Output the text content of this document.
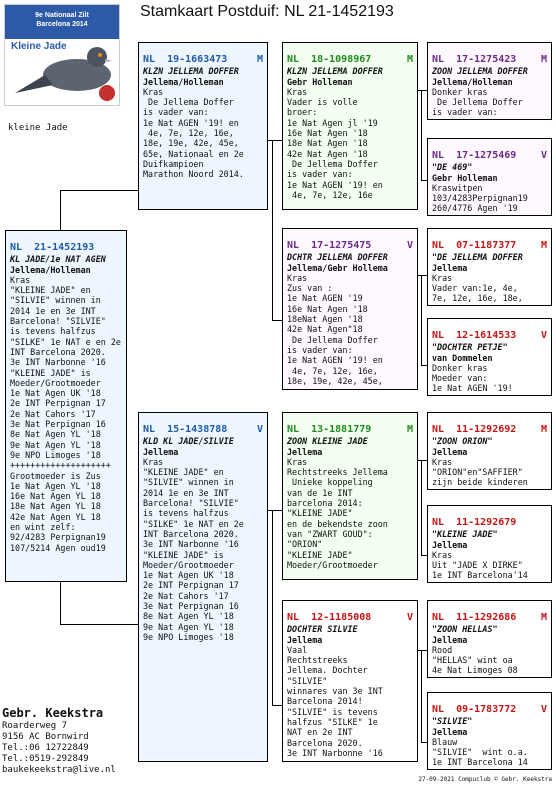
Stamkaart Postduif: NL 21-1452193
9e Nationaal Zilt
Barcelona 2014
Kleine Jade
kleine Jade

NL  21-1452193
KL JADE/1e NAT AGEN
Jellema/Holleman
Kras
"KLEINE JADE" en
"SILVIE" winnen in
2014 1e en 3e INT
Barcelona! "SILVIE"
is tevens halfzus
"SILKE" 1e NAT e en 2e
INT Barcelona 2020.
3e INT Narbonne '16
"KLEINE JADE" is
Moeder/Grootmoeder
1e Nat Agen UK '18
2e INT Perpignan 17
2e Nat Cahors '17
3e Nat Perpignan 16
8e Nat Agen YL '18
9e Nat Agen YL '18
9e NPO Limoges '18
++++++++++++++++++++
Grootmoeder is Zus
1e Nat Agen YL '18
16e Nat Agen YL 18
18e Nat Agen YL 18
42e Nat Agen YL 18
en wint zelf:
92/4283 Perpignan19
107/5214 Agen oud19

NL  19-1663473	M
KLZN JELLEMA DOFFER
Jellema/Holleman
Kras
De Jellema Doffer
is vader van:
1e Nat AGEN '19! en
4e, 7e, 12e, 16e,
18e, 19e, 42e, 45e,
65e, Nationaal en 2e
Duifkampioen
Marathon Noord 2014.

NL  15-1438788	V
KLD KL JADE/SILVIE
Jellema
Kras
"KLEINE JADE" en
"SILVIE" winnen in
2014 1e en 3e INT
Barcelona! "SILVIE"
is tevens halfzus
"SILKE" 1e NAT en 2e
INT Barcelona 2020.
3e INT Narbonne '16
"KLEINE JADE" is
Moeder/Grootmoeder
1e Nat Agen UK '18
2e INT Perpignan 17
2e Nat Cahors '17
3e Nat Perpignan 16
8e Nat Agen YL '18
9e Nat Agen YL '18
9e NPO Limoges '18

NL  18-1098967	M
KLZN JELLEMA DOFFER
Gebr Holleman
Kras
Vader is volle
broer:
1e Nat Agen jl '19
16e Nat Agen '18
18e Nat Agen '18
42e Nat Agen '18
De Jellema Doffer
is vader van:
1e Nat AGEN '19! en
4e, 7e, 12e, 16e

NL  17-1275475	V
DCHTR JELLEMA DOFFER
Jellema/Gebr Hollema
Kras
Zus van :
1e Nat AGEN '19
16e Nat Agen '18
18eNat Agen '18
42e Nat Agen"18
De Jellema Doffer
is vader van:
1e Nat AGEN '19! en
4e, 7e, 12e, 16e,
18e, 19e, 42e, 45e,

NL  13-1881779	M
ZOON KLEINE JADE
Jellema
Kras
Rechtstreeks Jellema
Unieke koppeling
van de 1e INT
barcelona 2014:
"KLEINE JADE"
en de bekendste zoon
van "ZWART GOUD":
"ORION"
"KLEINE JADE"
Moeder/Grootmoeder

NL  12-1185008	V
DOCHTER SILVIE
Jellema
Vaal
Rechtstreeks
Jellema. Dochter
"SILVIE"
winnares van 3e INT
Barcelona 2014!
"SILVIE" is tevens
halfzus "SILKE" 1e
NAT en 2e INT
Barcelona 2020.
3e INT Narbonne '16

NL  17-1275423 M
ZOON JELLEMA DOFFER
Jellema/Holleman
Donker kras
De Jellema Doffer
is vader van:

NL  17-1275469 V
"DE 469"
Gebr Holleman
Kraswitpen
103/4283Perpignan19
260/4776 Agen '19

NL  07-1187377 M
"DE JELLEMA DOFFER
Jellema
Kras
Vader van:1e, 4e,
7e, 12e, 16e, 18e,

NL  12-1614533 V
"DOCHTER PETJE"
van Dommelen
Donker kras
Moeder van:
1e Nat AGEN '19!

NL  11-1292692 M
"ZOON ORION"
Jellema
Kras
"ORION"en"SAFFIER"
zijn beide kinderen

NL  11-1292679
"KLEINE JADE"
Jellema
Kras
Uit "JADE X DIRKE"
1e INT Barcelona'14

NL  11-1292686 M
"ZOON HELLAS"
Jellema
Rood
"HELLAS" wint oa
4e Nat Limoges 08

NL  09-1783772 V
"SILVIE"
Jellema
Blauw
"SILVIE"  wint o.a.
1e INT Barcelona 14

Gebr. Keekstra
Roarderweg 7
9156 AC Bornwird
Tel.:06 12722849
Tel.:0519-292849
baukekeekstra@live.nl
27-09-2021 Compuclub © Gebr. Keekstra
